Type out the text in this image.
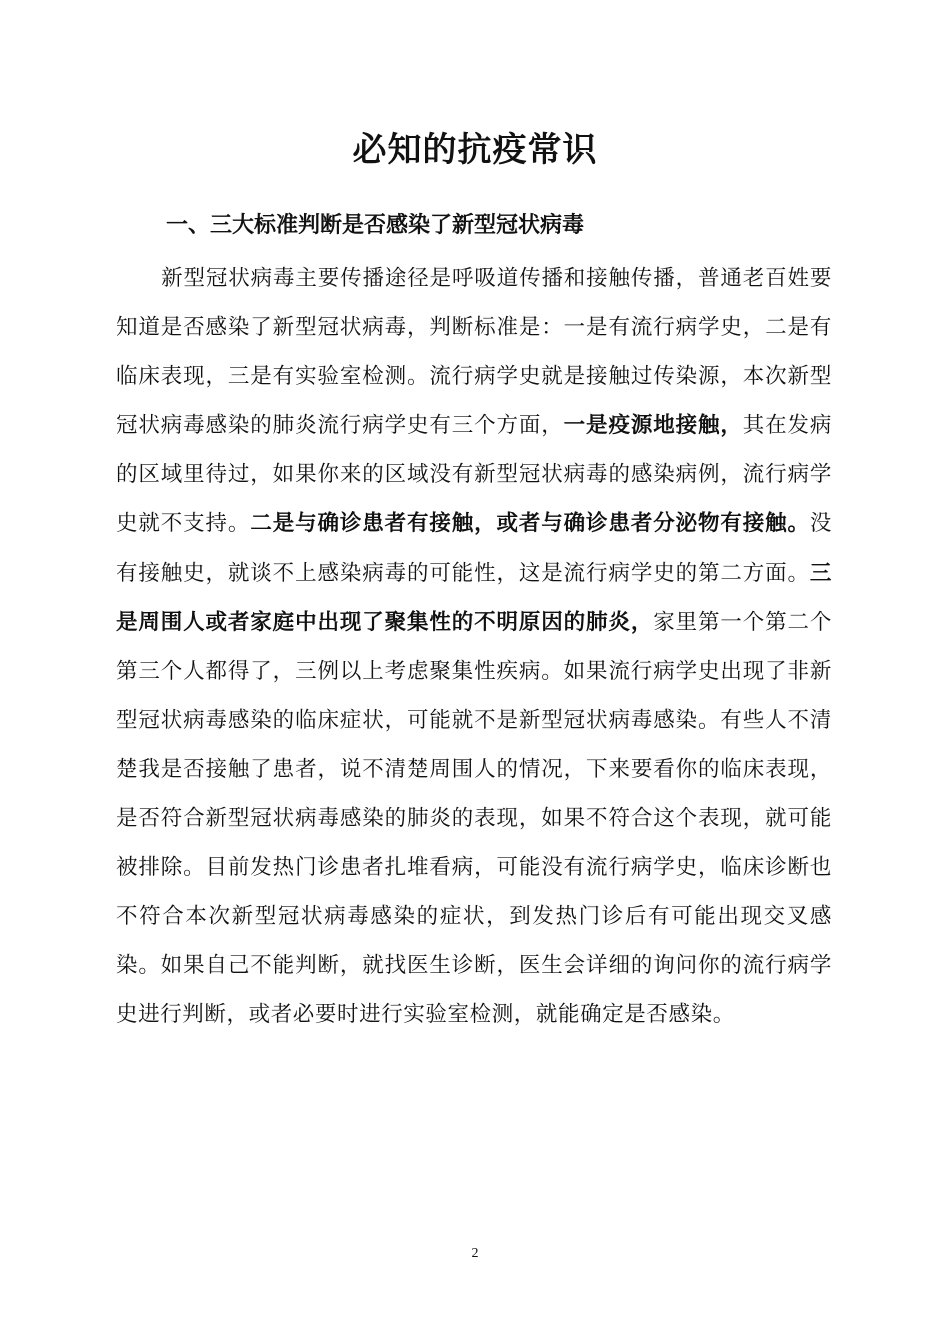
必知的抗疫常识
一、三大标准判断是否感染了新型冠状病毒

新型冠状病毒主要传播途径是呼吸道传播和接触传播，普通老百姓要知道是否感染了新型冠状病毒，判断标准是：一是有流行病学史，二是有临床表现，三是有实验室检测。流行病学史就是接触过传染源，本次新型冠状病毒感染的肺炎流行病学史有三个方面，一是疫源地接触，其在发病的区域里待过，如果你来的区域没有新型冠状病毒的感染病例，流行病学史就不支持。二是与确诊患者有接触，或者与确诊患者分泌物有接触。没有接触史，就谈不上感染病毒的可能性，这是流行病学史的第二方面。三是周围人或者家庭中出现了聚集性的不明原因的肺炎，家里第一个第二个第三个人都得了，三例以上考虑聚集性疾病。如果流行病学史出现了非新型冠状病毒感染的临床症状，可能就不是新型冠状病毒感染。有些人不清楚我是否接触了患者，说不清楚周围人的情况，下来要看你的临床表现，是否符合新型冠状病毒感染的肺炎的表现，如果不符合这个表现，就可能被排除。目前发热门诊患者扎堆看病，可能没有流行病学史，临床诊断也不符合本次新型冠状病毒感染的症状，到发热门诊后有可能出现交叉感染。如果自己不能判断，就找医生诊断，医生会详细的询问你的流行病学史进行判断，或者必要时进行实验室检测，就能确定是否感染。

2
